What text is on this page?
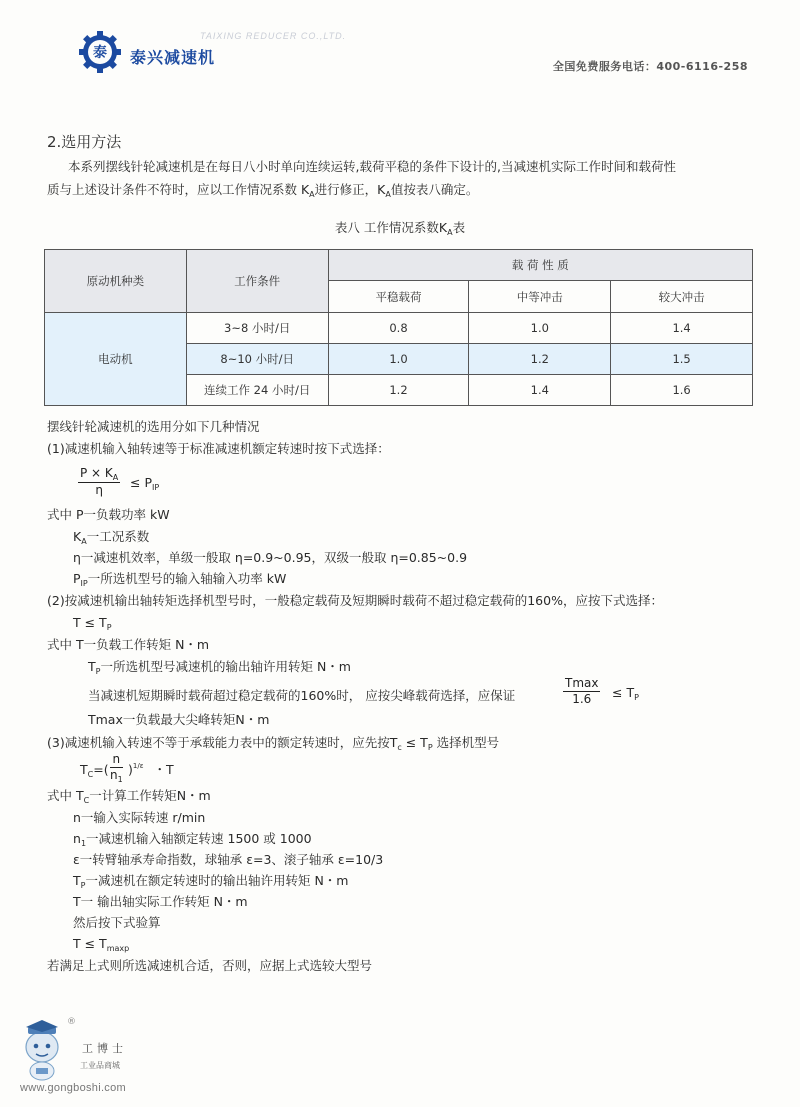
泰
TAIXING REDUCER CO.,LTD.
泰兴减速机	全国免费服务电话：400-6116-258
2.选用方法
本系列摆线针轮减速机是在每日八小时单向连续运转,载荷平稳的条件下设计的,当减速机实际工作时间和载荷性
质与上述设计条件不符时，应以工作情况系数 $K_A$进行修正，$K_A$值按表八确定。
表八 工作情况系数$K_A$表
原动机种类	工作条件	载 荷 性 质		
		平稳载荷	中等冲击	较大冲击
电动机	3~8 小时/日	0.8	1.0	1.4
	8~10 小时/日	1.0	1.2	1.5
	连续工作 24 小时/日	1.2	1.4	1.6
摆线针轮减速机的选用分如下几种情况
(1)减速机输入轴转速等于标准减速机额定转速时按下式选择：
$\frac{P \times K_A}{\eta} \le P_{IP}$
式中 P一负载功率 kW
$K_A$一工况系数
η一减速机效率，单级一般取 η=0.9~0.95，双级一般取 η=0.85~0.9
$P_{IP}$一所选机型号的输入轴输入功率 kW
(2)按减速机输出轴转矩选择机型号时，一般稳定载荷及短期瞬时载荷不超过稳定载荷的160%，应按下式选择：
$T \le T_P$
式中 T一负载工作转矩 N・m
$T_P$一所选机型号减速机的输出轴许用转矩 N・m
当减速机短期瞬时载荷超过稳定载荷的160%时， 应按尖峰载荷选择，应保证
Tmax
1.6	≤ $T_P$
Tmax一负载最大尖峰转矩N・m
(3)减速机输入转速不等于承载能力表中的额定转速时，应先按$T_c \le T_P$ 选择机型号
$T_C=( \frac{n}{n_1} )^{1/\varepsilon}$ ・T
式中 $T_C$一计算工作转矩N・m
n一输入实际转速 r/min
$n_1$一减速机输入轴额定转速 1500 或 1000
ε一转臂轴承寿命指数，球轴承 ε=3、滚子轴承 ε=10/3
$T_P$一减速机在额定转速时的输出轴许用转矩 N・m
T一 输出轴实际工作转矩 N・m
然后按下式验算
$T \le T_{maxp}$
若满足上式则所选减速机合适，否则，应据上式选较大型号
®
工博士
工业品商城
www.gongboshi.com
